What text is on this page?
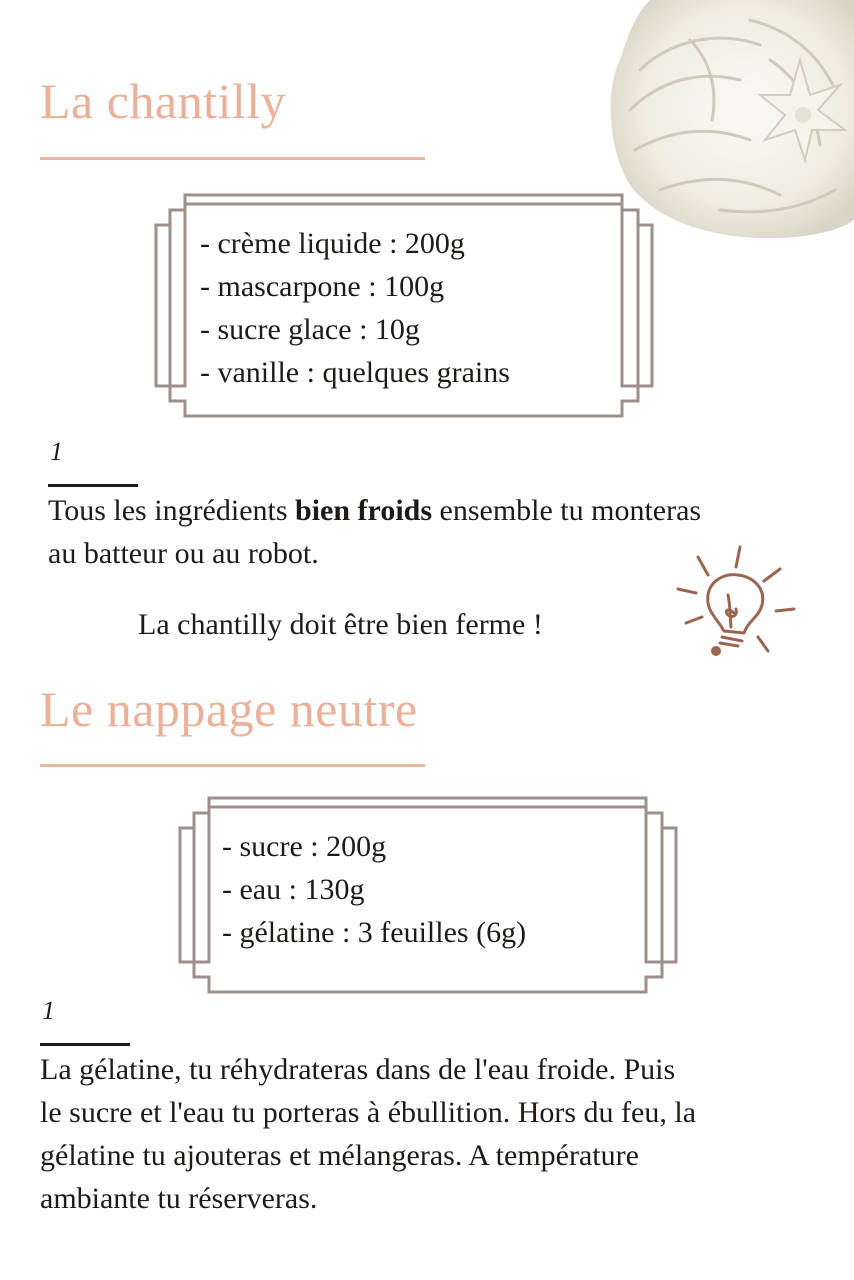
La chantilly
- crème liquide : 200g
- mascarpone : 100g
- sucre glace : 10g
- vanille : quelques grains
1

Tous les ingrédients bien froids ensemble tu monteras au batteur ou au robot.

La chantilly doit être bien ferme !
Le nappage neutre
- sucre : 200g
- eau : 130g
- gélatine : 3 feuilles (6g)
1

La gélatine, tu réhydrateras dans de l'eau froide. Puis le sucre et l'eau tu porteras à ébullition. Hors du feu, la gélatine tu ajouteras et mélangeras. A température ambiante tu réserveras.
